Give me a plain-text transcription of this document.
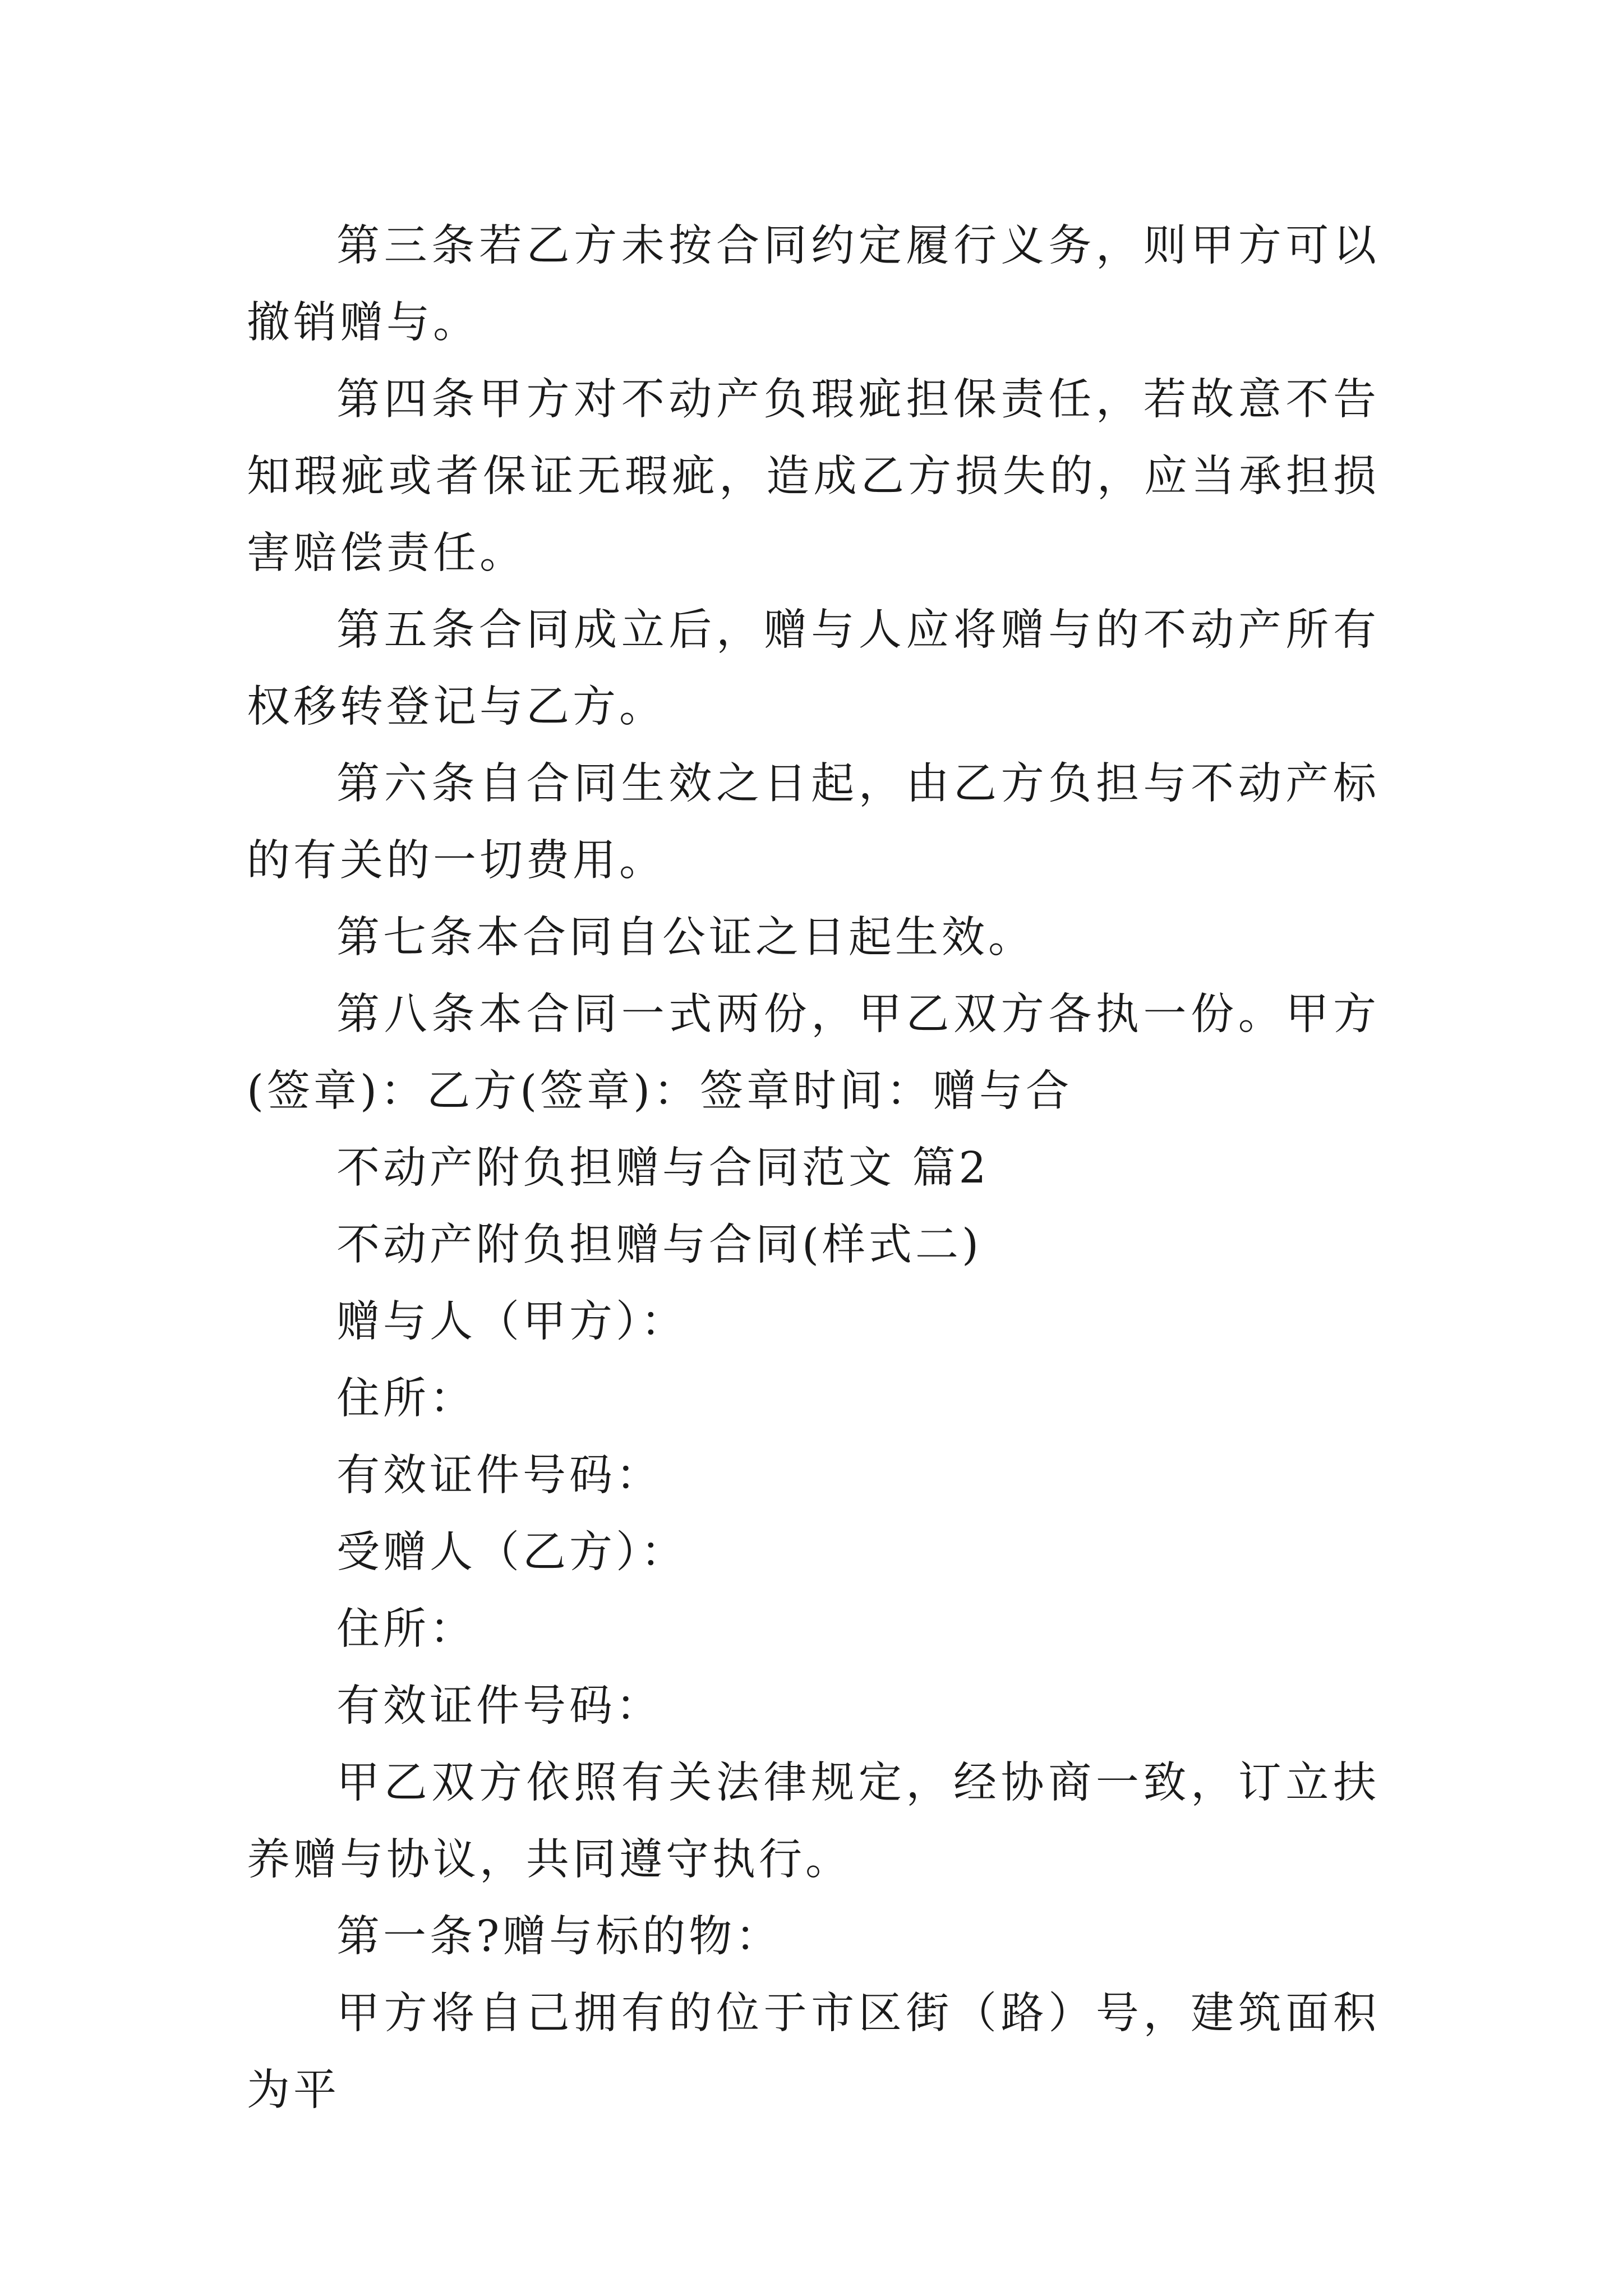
第三条若乙方未按合同约定履行义务，则甲方可以撤销赠与。

第四条甲方对不动产负瑕疵担保责任，若故意不告知瑕疵或者保证无瑕疵，造成乙方损失的，应当承担损害赔偿责任。

第五条合同成立后，赠与人应将赠与的不动产所有权移转登记与乙方。

第六条自合同生效之日起，由乙方负担与不动产标的有关的一切费用。

第七条本合同自公证之日起生效。

第八条本合同一式两份，甲乙双方各执一份。甲方(签章)：乙方(签章)：签章时间：赠与合

不动产附负担赠与合同范文 篇2

不动产附负担赠与合同(样式二)

赠与人（甲方）：

住所：

有效证件号码：

受赠人（乙方）：

住所：

有效证件号码：

甲乙双方依照有关法律规定，经协商一致，订立扶养赠与协议，共同遵守执行。

第一条?赠与标的物：

甲方将自己拥有的位于市区街（路）号，建筑面积为平
